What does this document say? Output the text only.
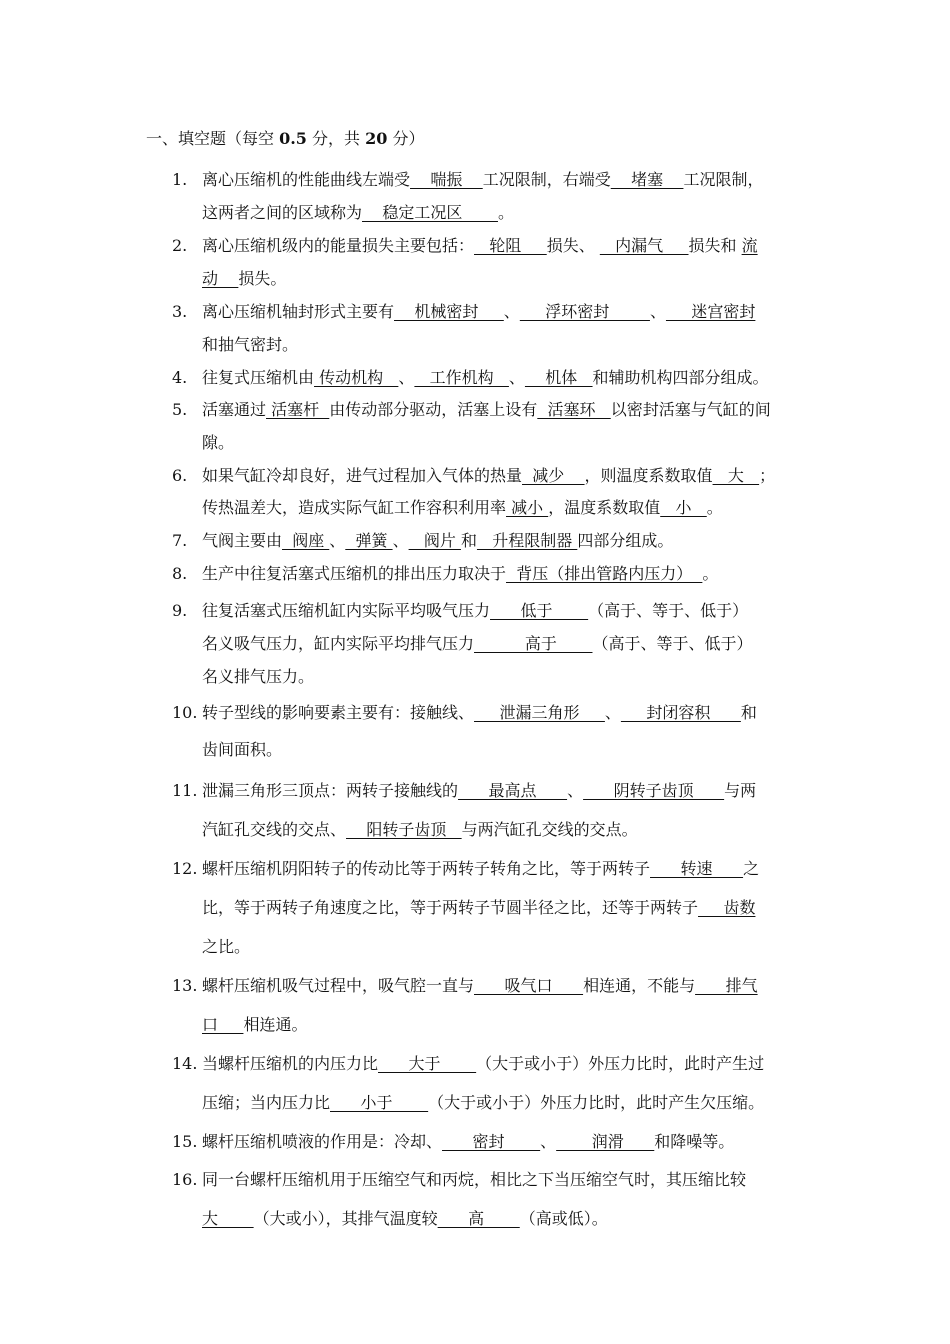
一、填空题（每空 0.5 分，共 20 分）
1. 离心压缩机的性能曲线左端受    喘振    工况限制，右端受    堵塞    工况限制，
这两者之间的区域称为    稳定工况区       。
2. 离心压缩机级内的能量损失主要包括：   轮阻     损失、    内漏气     损失和 流
动    损失。
3. 离心压缩机轴封形式主要有    机械密封     、     浮环密封        、     迷宫密封
和抽气密封。
4. 往复式压缩机由 传动机构   、   工作机构   、    机体   和辅助机构四部分组成。
5. 活塞通过 活塞杆  由传动部分驱动，活塞上设有  活塞环   以密封活塞与气缸的间
隙。
6. 如果气缸冷却良好，进气过程加入气体的热量  减少    ，则温度系数取值   大   ；
传热温差大，造成实际气缸工作容积利用率 减小 ，温度系数取值   小   。
7. 气阀主要由  阀座 、  弹簧 、   阀片 和   升程限制器 四部分组成。
8. 生产中往复活塞式压缩机的排出压力取决于  背压（排出管路内压力）  。
9. 往复活塞式压缩机缸内实际平均吸气压力      低于       （高于、等于、低于）
名义吸气压力，缸内实际平均排气压力          高于       （高于、等于、低于）
名义排气压力。
10. 转子型线的影响要素主要有：接触线、     泄漏三角形     、     封闭容积      和
齿间面积。
11. 泄漏三角形三顶点：两转子接触线的      最高点      、      阴转子齿顶      与两
汽缸孔交线的交点、    阳转子齿顶   与两汽缸孔交线的交点。
12. 螺杆压缩机阴阳转子的传动比等于两转子转角之比，等于两转子      转速      之
比，等于两转子角速度之比，等于两转子节圆半径之比，还等于两转子     齿数
之比。
13. 螺杆压缩机吸气过程中，吸气腔一直与      吸气口      相连通，不能与      排气
口     相连通。
14. 当螺杆压缩机的内压力比      大于       （大于或小于）外压力比时，此时产生过
压缩；当内压力比      小于       （大于或小于）外压力比时，此时产生欠压缩。
15. 螺杆压缩机喷液的作用是：冷却、      密封       、       润滑      和降噪等。
16. 同一台螺杆压缩机用于压缩空气和丙烷，相比之下当压缩空气时，其压缩比较
大       （大或小），其排气温度较      高       （高或低）。
